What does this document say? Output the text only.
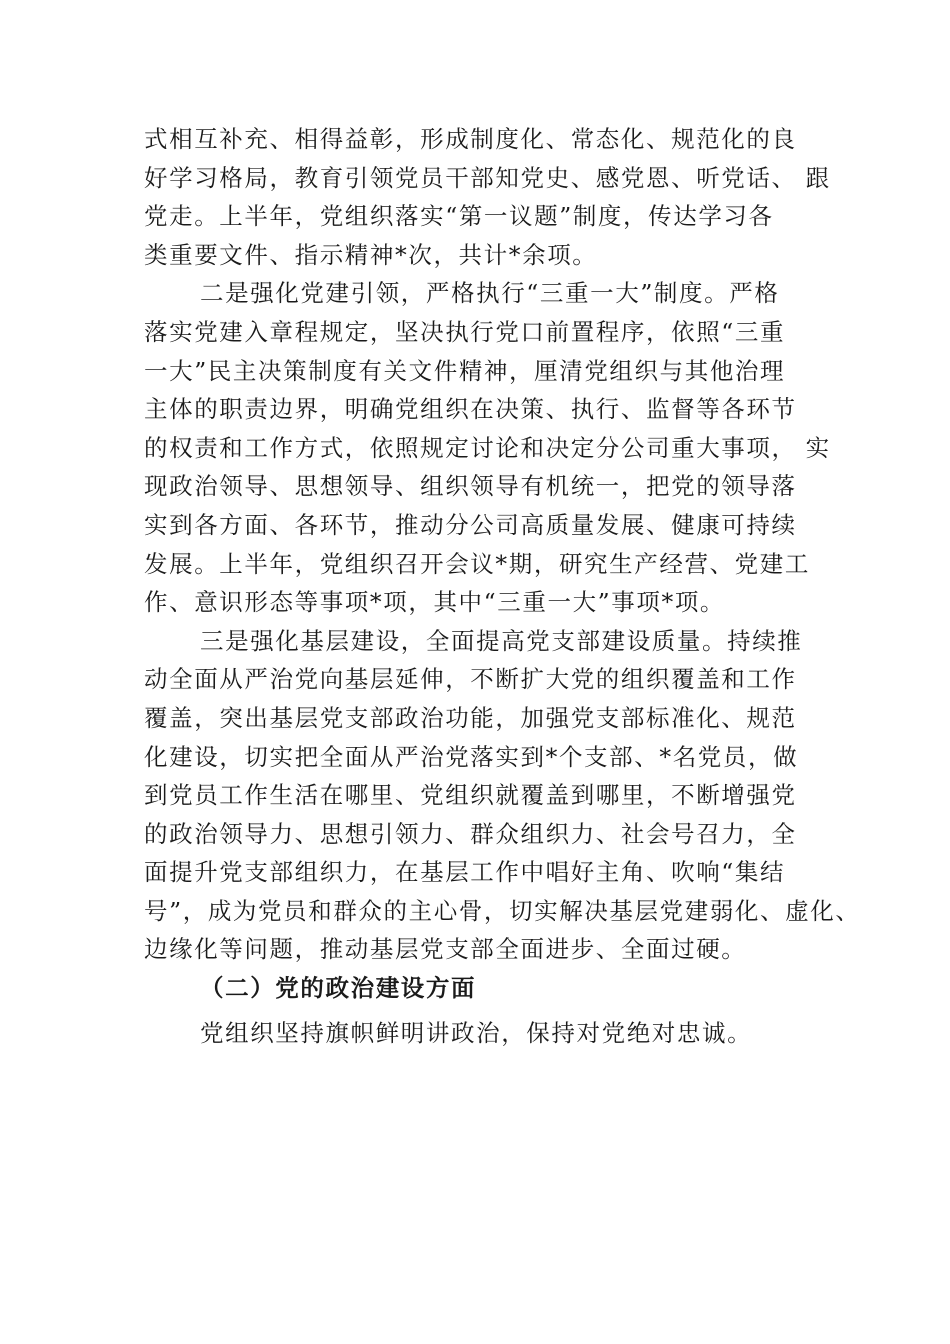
式相互补充、相得益彰，形成制度化、常态化、规范化的良
好学习格局，教育引领党员干部知党史、感党恩、听党话、 跟
党走。上半年，党组织落实“第一议题”制度，传达学习各
类重要文件、指示精神*次，共计*余项。
二是强化党建引领，严格执行“三重一大”制度。严格
落实党建入章程规定，坚决执行党口前置程序，依照“三重
一大”民主决策制度有关文件精神，厘清党组织与其他治理
主体的职责边界，明确党组织在决策、执行、监督等各环节
的权责和工作方式，依照规定讨论和决定分公司重大事项， 实
现政治领导、思想领导、组织领导有机统一，把党的领导落
实到各方面、各环节，推动分公司高质量发展、健康可持续
发展。上半年，党组织召开会议*期，研究生产经营、党建工
作、意识形态等事项*项，其中“三重一大”事项*项。
三是强化基层建设，全面提高党支部建设质量。持续推
动全面从严治党向基层延伸，不断扩大党的组织覆盖和工作
覆盖，突出基层党支部政治功能，加强党支部标准化、规范
化建设，切实把全面从严治党落实到*个支部、*名党员，做
到党员工作生活在哪里、党组织就覆盖到哪里，不断增强党
的政治领导力、思想引领力、群众组织力、社会号召力，全
面提升党支部组织力，在基层工作中唱好主角、吹响“集结
号”，成为党员和群众的主心骨，切实解决基层党建弱化、虚化、
边缘化等问题，推动基层党支部全面进步、全面过硬。
（二）党的政治建设方面
党组织坚持旗帜鲜明讲政治，保持对党绝对忠诚。
